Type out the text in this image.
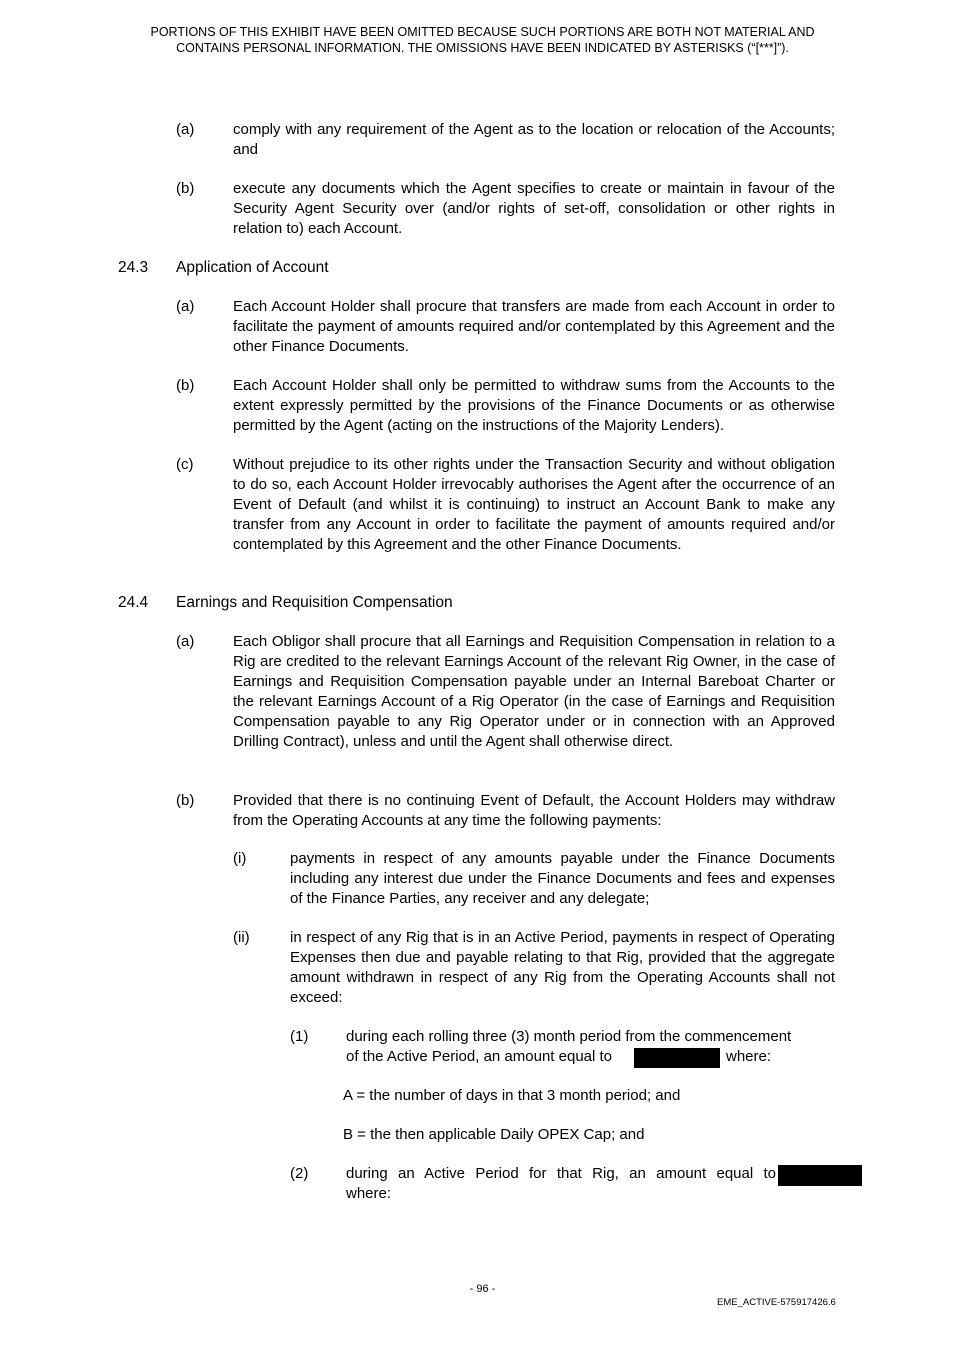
PORTIONS OF THIS EXHIBIT HAVE BEEN OMITTED BECAUSE SUCH PORTIONS ARE BOTH NOT MATERIAL AND
CONTAINS PERSONAL INFORMATION. THE OMISSIONS HAVE BEEN INDICATED BY ASTERISKS (“[***]”).
(a)	comply with any requirement of the Agent as to the location or relocation of the Accounts; and
(b)	execute any documents which the Agent specifies to create or maintain in favour of the Security Agent Security over (and/or rights of set-off, consolidation or other rights in relation to) each Account.
24.3 Application of Account
(a)	Each Account Holder shall procure that transfers are made from each Account in order to facilitate the payment of amounts required and/or contemplated by this Agreement and the other Finance Documents.
(b)	Each Account Holder shall only be permitted to withdraw sums from the Accounts to the extent expressly permitted by the provisions of the Finance Documents or as otherwise permitted by the Agent (acting on the instructions of the Majority Lenders).
(c)	Without prejudice to its other rights under the Transaction Security and without obligation to do so, each Account Holder irrevocably authorises the Agent after the occurrence of an Event of Default (and whilst it is continuing) to instruct an Account Bank to make any transfer from any Account in order to facilitate the payment of amounts required and/or contemplated by this Agreement and the other Finance Documents.
24.4 Earnings and Requisition Compensation
(a)	Each Obligor shall procure that all Earnings and Requisition Compensation in relation to a Rig are credited to the relevant Earnings Account of the relevant Rig Owner, in the case of Earnings and Requisition Compensation payable under an Internal Bareboat Charter or the relevant Earnings Account of a Rig Operator (in the case of Earnings and Requisition Compensation payable to any Rig Operator under or in connection with an Approved Drilling Contract), unless and until the Agent shall otherwise direct.
(b)	Provided that there is no continuing Event of Default, the Account Holders may withdraw from the Operating Accounts at any time the following payments:
(i)	payments in respect of any amounts payable under the Finance Documents including any interest due under the Finance Documents and fees and expenses of the Finance Parties, any receiver and any delegate;
(ii)	in respect of any Rig that is in an Active Period, payments in respect of Operating Expenses then due and payable relating to that Rig, provided that the aggregate amount withdrawn in respect of any Rig from the Operating Accounts shall not exceed:
(1)	during each rolling three (3) month period from the commencement
of the Active Period, an amount equal to	where:
A = the number of days in that 3 month period; and
B = the then applicable Daily OPEX Cap; and
(2)	during an Active Period for that Rig, an amount equal to
where:
- 96 -
EME_ACTIVE-575917426.6
